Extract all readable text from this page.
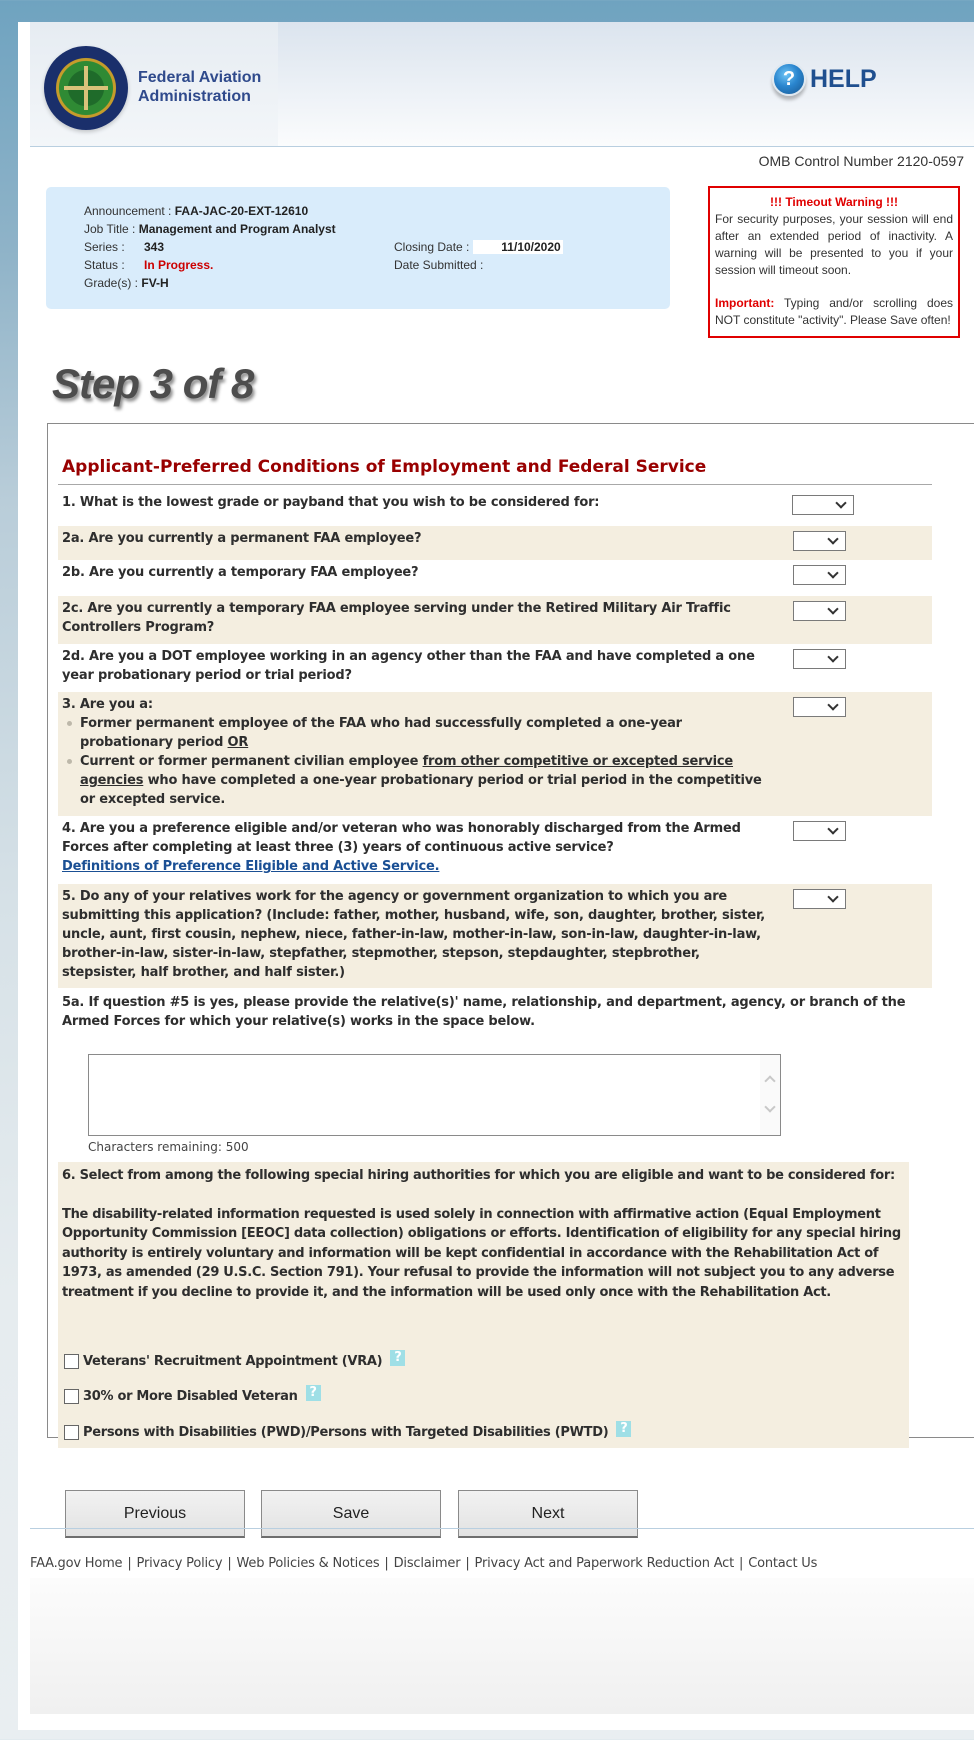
Federal Aviation
Administration
? HELP
OMB Control Number 2120-0597
Announcement : FAA-JAC-20-EXT-12610
Job Title : Management and Program Analyst
Series : 343
Status : In Progress.
Grade(s) : FV-H
Closing Date : 11/10/2020
Date Submitted :
!!! Timeout Warning !!!
For security purposes, your session will end after an extended period of inactivity. A warning will be presented to you if your session will timeout soon.
Important: Typing and/or scrolling does NOT constitute "activity". Please Save often!
Step 3 of 8
Applicant-Preferred Conditions of Employment and Federal Service
1. What is the lowest grade or payband that you wish to be considered for:
2a. Are you currently a permanent FAA employee?
2b. Are you currently a temporary FAA employee?
2c. Are you currently a temporary FAA employee serving under the Retired Military Air Traffic Controllers Program?
2d. Are you a DOT employee working in an agency other than the FAA and have completed a one year probationary period or trial period?
3. Are you a:
Former permanent employee of the FAA who had successfully completed a one-year probationary period OR
Current or former permanent civilian employee from other competitive or excepted service agencies who have completed a one-year probationary period or trial period in the competitive or excepted service.
4. Are you a preference eligible and/or veteran who was honorably discharged from the Armed Forces after completing at least three (3) years of continuous active service?
Definitions of Preference Eligible and Active Service.
5. Do any of your relatives work for the agency or government organization to which you are submitting this application? (Include: father, mother, husband, wife, son, daughter, brother, sister, uncle, aunt, first cousin, nephew, niece, father-in-law, mother-in-law, son-in-law, daughter-in-law, brother-in-law, sister-in-law, stepfather, stepmother, stepson, stepdaughter, stepbrother, stepsister, half brother, and half sister.)
5a. If question #5 is yes, please provide the relative(s)' name, relationship, and department, agency, or branch of the Armed Forces for which your relative(s) works in the space below.
Characters remaining: 500
6. Select from among the following special hiring authorities for which you are eligible and want to be considered for:
The disability-related information requested is used solely in connection with affirmative action (Equal Employment Opportunity Commission [EEOC] data collection) obligations or efforts. Identification of eligibility for any special hiring authority is entirely voluntary and information will be kept confidential in accordance with the Rehabilitation Act of 1973, as amended (29 U.S.C. Section 791). Your refusal to provide the information will not subject you to any adverse treatment if you decline to provide it, and the information will be used only once with the Rehabilitation Act.
Veterans' Recruitment Appointment (VRA) ?
30% or More Disabled Veteran ?
Persons with Disabilities (PWD)/Persons with Targeted Disabilities (PWTD) ?
Previous	Save	Next
FAA.gov Home | Privacy Policy | Web Policies & Notices | Disclaimer | Privacy Act and Paperwork Reduction Act | Contact Us
